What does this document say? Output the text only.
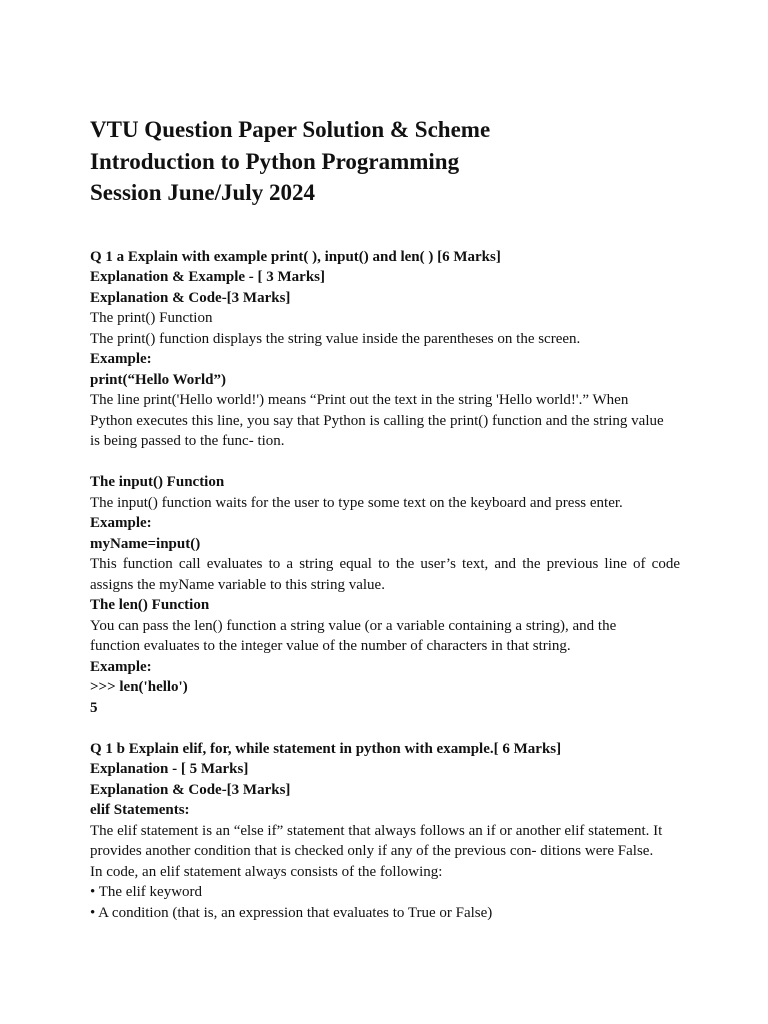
VTU Question Paper Solution & Scheme
Introduction to Python Programming
Session June/July 2024
Q 1 a Explain with example print( ), input() and len( ) [6 Marks]
Explanation & Example - [ 3 Marks]
Explanation & Code-[3 Marks]
The print() Function
The print() function displays the string value inside the parentheses on the screen.
Example:
print(“Hello World”)
The line print('Hello world!') means “Print out the text in the string 'Hello world!'.” When
Python executes this line, you say that Python is calling the print() function and the string value
is being passed to the func- tion.
The input() Function
The input() function waits for the user to type some text on the keyboard and press enter.
Example:
myName=input()
This function call evaluates to a string equal to the user’s text, and the previous line of code assigns the myName variable to this string value.
The len() Function
You can pass the len() function a string value (or a variable containing a string), and the
function evaluates to the integer value of the number of characters in that string.
Example:
>>> len('hello')
5
Q 1 b Explain elif, for, while statement in python with example.[ 6 Marks]
Explanation - [ 5 Marks]
Explanation & Code-[3 Marks]
elif Statements:
The elif statement is an “else if” statement that always follows an if or another elif statement. It
provides another condition that is checked only if any of the previous con- ditions were False.
In code, an elif statement always consists of the following:
• The elif keyword
• A condition (that is, an expression that evaluates to True or False)
